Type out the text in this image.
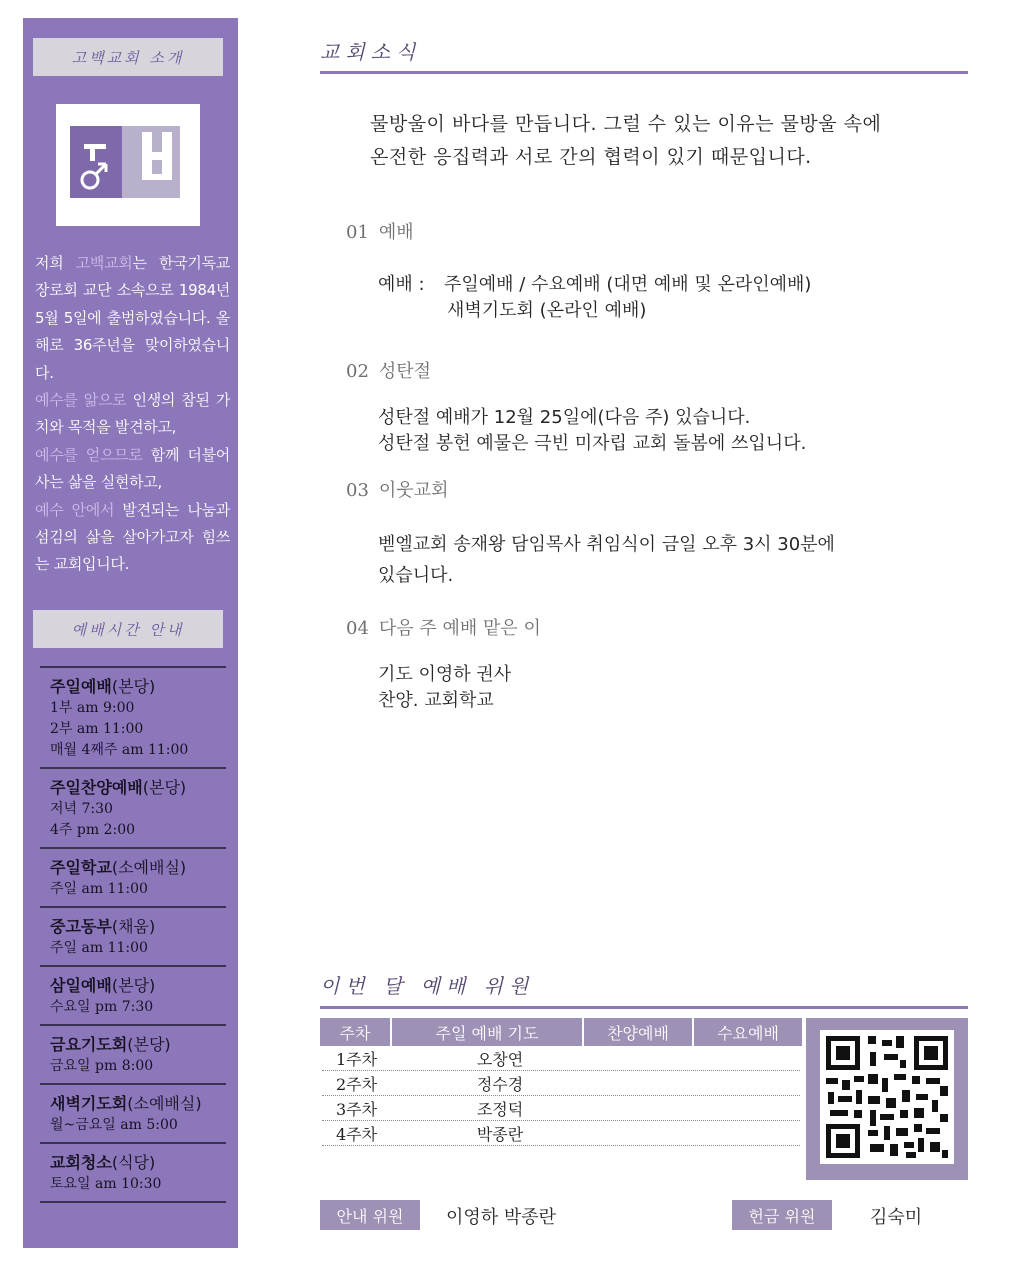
고백교회 소개
저희 고백교회는 한국기독교 장로회 교단 소속으로 1984년 5월 5일에 출범하였습니다. 올해로 36주년을 맞이하였습니다.
예수를 앎으로 인생의 참된 가치와 목적을 발견하고,
예수를 얻으므로 함께 더불어 사는 삶을 실현하고,
예수 안에서 발견되는 나눔과 섬김의 삶을 살아가고자 힘쓰는 교회입니다.
예배시간 안내
주일예배(본당)
1부 am 9:00
2부 am 11:00
매월 4째주 am 11:00
주일찬양예배(본당)
저녁 7:30
4주 pm 2:00
주일학교(소예배실)
주일 am 11:00
중고동부(채움)
주일 am 11:00
삼일예배(본당)
수요일 pm 7:30
금요기도회(본당)
금요일 pm 8:00
새벽기도회(소예배실)
월~금요일 am 5:00
교회청소(식당)
토요일 am 10:30
교회소식
물방울이 바다를 만듭니다. 그럴 수 있는 이유는 물방울 속에
온전한 응집력과 서로 간의 협력이 있기 때문입니다.
01 예배
예배 :	주일예배 / 수요예배 (대면 예배 및 온라인예배)
새벽기도회 (온라인 예배)
02 성탄절
성탄절 예배가 12월 25일에(다음 주) 있습니다.
성탄절 봉헌 예물은 극빈 미자립 교회 돌봄에 쓰입니다.
03 이웃교회
벧엘교회 송재왕 담임목사 취임식이 금일 오후 3시 30분에
있습니다.
04 다음 주 예배 맡은 이
기도 이영하 권사
찬양. 교회학교
이번 달 예배 위원
주차	주일 예배 기도	찬양예배	수요예배
1주차	오창연
2주차	정수경
3주차	조정덕
4주차	박종란
안내 위원	이영하 박종란	헌금 위원	김숙미
